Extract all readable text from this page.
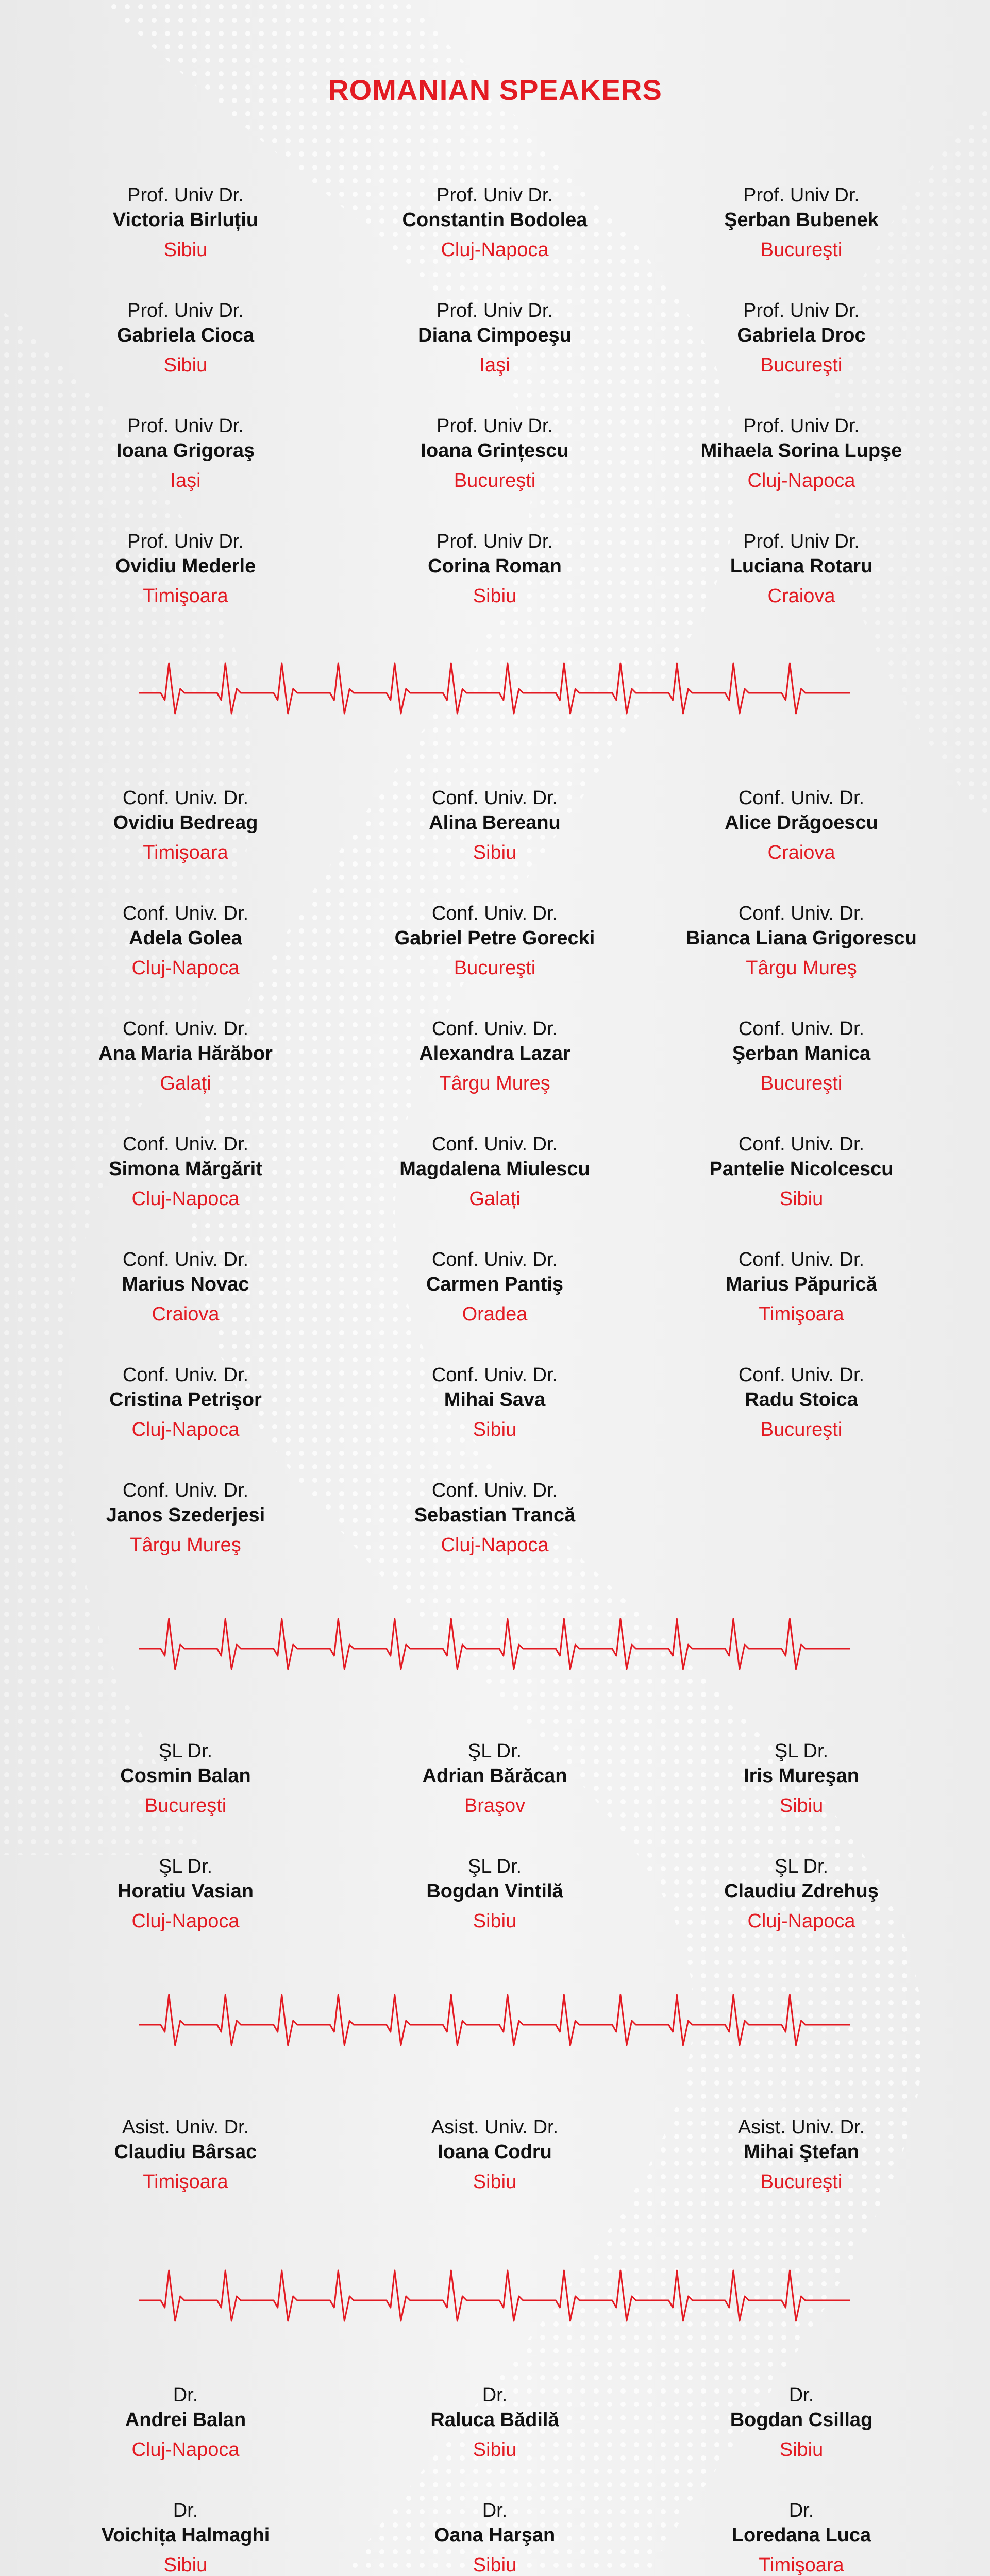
ROMANIAN SPEAKERS
Prof. Univ Dr.
Victoria Birluțiu
Sibiu
Prof. Univ Dr.
Constantin Bodolea
Cluj-Napoca
Prof. Univ Dr.
Şerban Bubenek
Bucureşti
Prof. Univ Dr.
Gabriela Cioca
Sibiu
Prof. Univ Dr.
Diana Cimpoeşu
Iaşi
Prof. Univ Dr.
Gabriela Droc
Bucureşti
Prof. Univ Dr.
Ioana Grigoraş
Iaşi
Prof. Univ Dr.
Ioana Grințescu
Bucureşti
Prof. Univ Dr.
Mihaela Sorina Lupşe
Cluj-Napoca
Prof. Univ Dr.
Ovidiu Mederle
Timişoara
Prof. Univ Dr.
Corina Roman
Sibiu
Prof. Univ Dr.
Luciana Rotaru
Craiova
Conf. Univ. Dr.
Ovidiu Bedreag
Timişoara
Conf. Univ. Dr.
Alina Bereanu
Sibiu
Conf. Univ. Dr.
Alice Drăgoescu
Craiova
Conf. Univ. Dr.
Adela Golea
Cluj-Napoca
Conf. Univ. Dr.
Gabriel Petre Gorecki
Bucureşti
Conf. Univ. Dr.
Bianca Liana Grigorescu
Târgu Mureş
Conf. Univ. Dr.
Ana Maria Hărăbor
Galați
Conf. Univ. Dr.
Alexandra Lazar
Târgu Mureş
Conf. Univ. Dr.
Şerban Manica
Bucureşti
Conf. Univ. Dr.
Simona Mărgărit
Cluj-Napoca
Conf. Univ. Dr.
Magdalena Miulescu
Galați
Conf. Univ. Dr.
Pantelie Nicolcescu
Sibiu
Conf. Univ. Dr.
Marius Novac
Craiova
Conf. Univ. Dr.
Carmen Pantiş
Oradea
Conf. Univ. Dr.
Marius Păpurică
Timişoara
Conf. Univ. Dr.
Cristina Petrişor
Cluj-Napoca
Conf. Univ. Dr.
Mihai Sava
Sibiu
Conf. Univ. Dr.
Radu Stoica
Bucureşti
Conf. Univ. Dr.
Janos Szederjesi
Târgu Mureş
Conf. Univ. Dr.
Sebastian Trancă
Cluj-Napoca
ŞL Dr.
Cosmin Balan
Bucureşti
ŞL Dr.
Adrian Bărăcan
Braşov
ŞL Dr.
Iris Mureşan
Sibiu
ŞL Dr.
Horatiu Vasian
Cluj-Napoca
ŞL Dr.
Bogdan Vintilă
Sibiu
ŞL Dr.
Claudiu Zdrehuş
Cluj-Napoca
Asist. Univ. Dr.
Claudiu Bârsac
Timişoara
Asist. Univ. Dr.
Ioana Codru
Sibiu
Asist. Univ. Dr.
Mihai Ştefan
Bucureşti
Dr.
Andrei Balan
Cluj-Napoca
Dr.
Raluca Bădilă
Sibiu
Dr.
Bogdan Csillag
Sibiu
Dr.
Voichița Halmaghi
Sibiu
Dr.
Oana Harşan
Sibiu
Dr.
Loredana Luca
Timişoara
